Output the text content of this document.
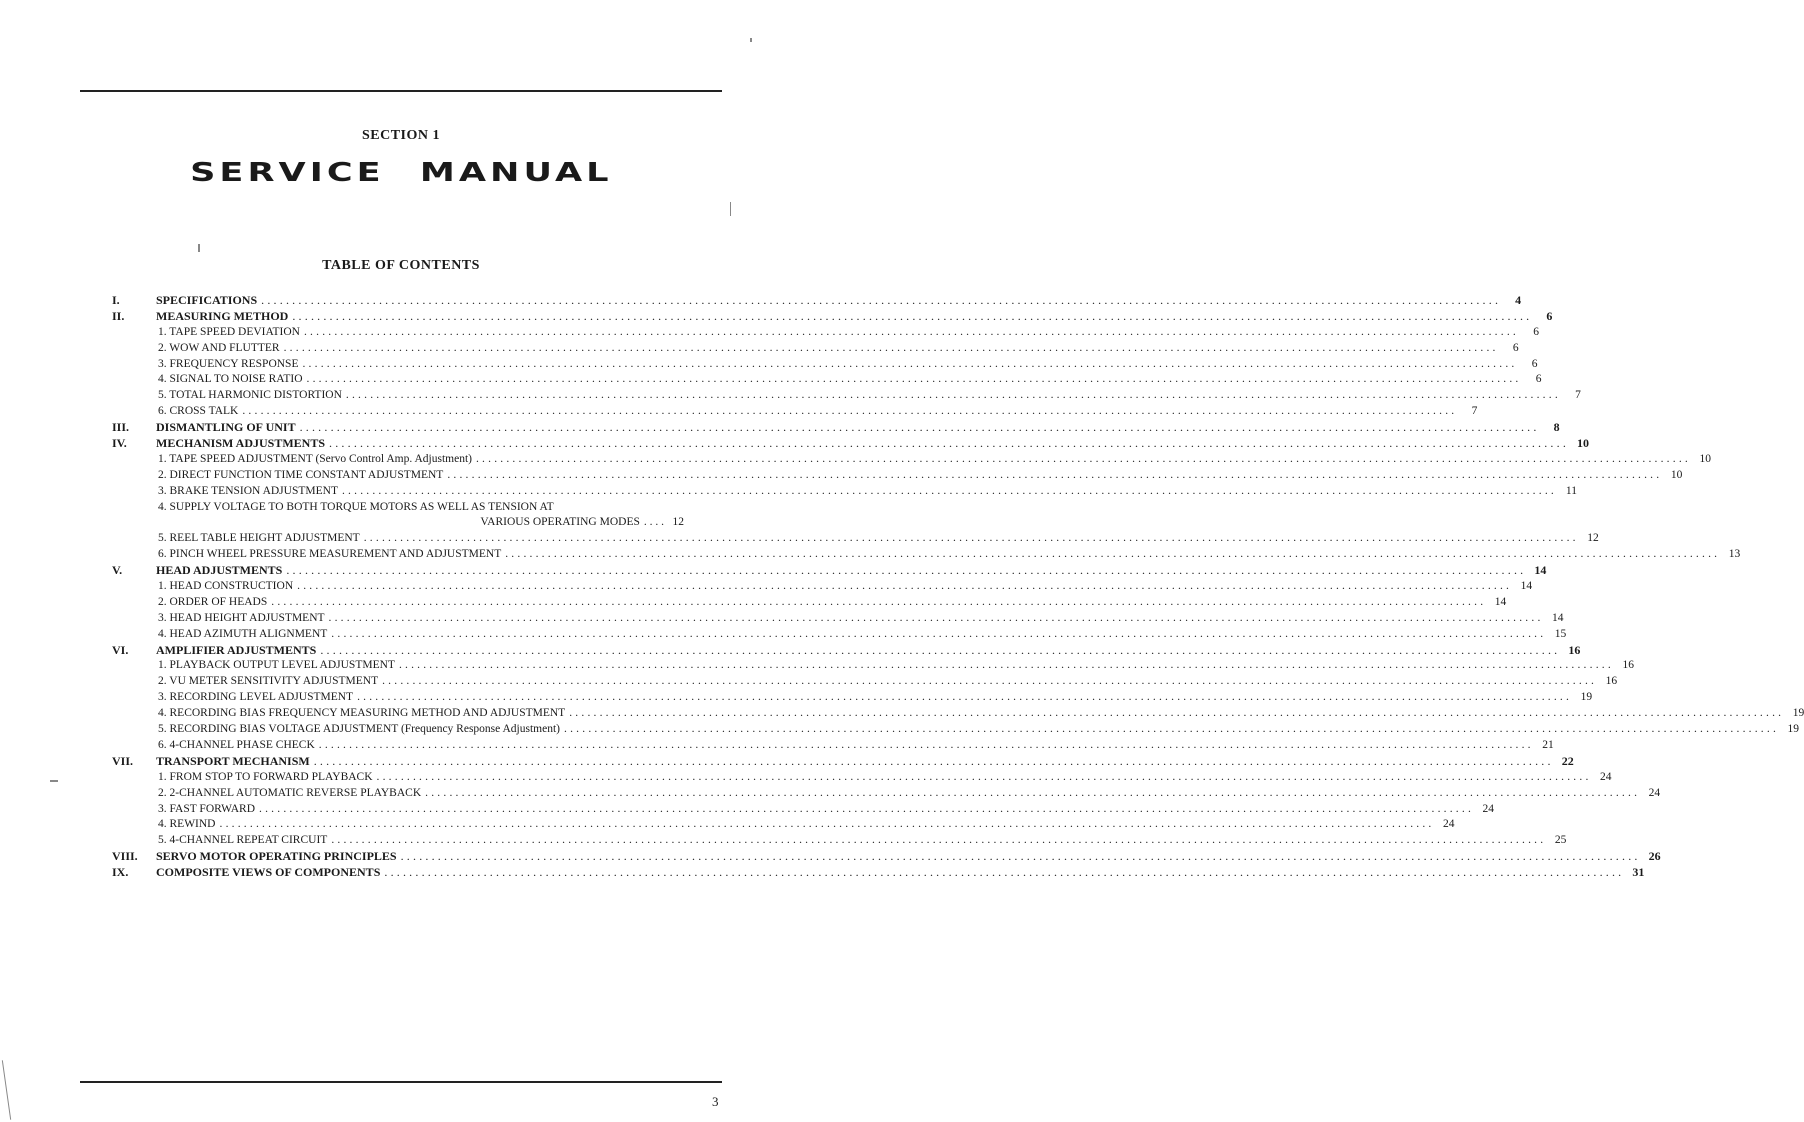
SECTION 1
SERVICE MANUAL
TABLE OF CONTENTS
I.	SPECIFICATIONS ........................................................................................................................................................................................................	4
II.	MEASURING METHOD ........................................................................................................................................................................................................	6
1. TAPE SPEED DEVIATION ........................................................................................................................................................................................................	6
2. WOW AND FLUTTER ........................................................................................................................................................................................................	6
3. FREQUENCY RESPONSE ........................................................................................................................................................................................................	6
4. SIGNAL TO NOISE RATIO ........................................................................................................................................................................................................	6
5. TOTAL HARMONIC DISTORTION ........................................................................................................................................................................................................	7
6. CROSS TALK ........................................................................................................................................................................................................	7
III. DISMANTLING OF UNIT ........................................................................................................................................................................................................	8
IV. MECHANISM ADJUSTMENTS ........................................................................................................................................................................................................ 10
1. TAPE SPEED ADJUSTMENT (Servo Control Amp. Adjustment) ........................................................................................................................................................................................................ 10
2. DIRECT FUNCTION TIME CONSTANT ADJUSTMENT ........................................................................................................................................................................................................ 10
3. BRAKE TENSION ADJUSTMENT ........................................................................................................................................................................................................ 11
4. SUPPLY VOLTAGE TO BOTH TORQUE MOTORS AS WELL AS TENSION AT
VARIOUS OPERATING MODES . . . . 12
5. REEL TABLE HEIGHT ADJUSTMENT ........................................................................................................................................................................................................ 12
6. PINCH WHEEL PRESSURE MEASUREMENT AND ADJUSTMENT ........................................................................................................................................................................................................ 13
V.	HEAD ADJUSTMENTS ........................................................................................................................................................................................................ 14
1. HEAD CONSTRUCTION ........................................................................................................................................................................................................ 14
2. ORDER OF HEADS ........................................................................................................................................................................................................ 14
3. HEAD HEIGHT ADJUSTMENT ........................................................................................................................................................................................................ 14
4. HEAD AZIMUTH ALIGNMENT ........................................................................................................................................................................................................ 15
VI. AMPLIFIER ADJUSTMENTS ........................................................................................................................................................................................................ 16
1. PLAYBACK OUTPUT LEVEL ADJUSTMENT ........................................................................................................................................................................................................ 16
2. VU METER SENSITIVITY ADJUSTMENT ........................................................................................................................................................................................................ 16
3. RECORDING LEVEL ADJUSTMENT ........................................................................................................................................................................................................ 19
4. RECORDING BIAS FREQUENCY MEASURING METHOD AND ADJUSTMENT ........................................................................................................................................................................................................ 19
5. RECORDING BIAS VOLTAGE ADJUSTMENT (Frequency Response Adjustment) ........................................................................................................................................................................................................ 19
6. 4-CHANNEL PHASE CHECK ........................................................................................................................................................................................................ 21
VII. TRANSPORT MECHANISM ........................................................................................................................................................................................................ 22
1. FROM STOP TO FORWARD PLAYBACK ........................................................................................................................................................................................................ 24
2. 2-CHANNEL AUTOMATIC REVERSE PLAYBACK ........................................................................................................................................................................................................ 24
3. FAST FORWARD ........................................................................................................................................................................................................ 24
4. REWIND ........................................................................................................................................................................................................ 24
5. 4-CHANNEL REPEAT CIRCUIT ........................................................................................................................................................................................................ 25
VIII. SERVO MOTOR OPERATING PRINCIPLES ........................................................................................................................................................................................................ 26
IX. COMPOSITE VIEWS OF COMPONENTS ........................................................................................................................................................................................................ 31
3
